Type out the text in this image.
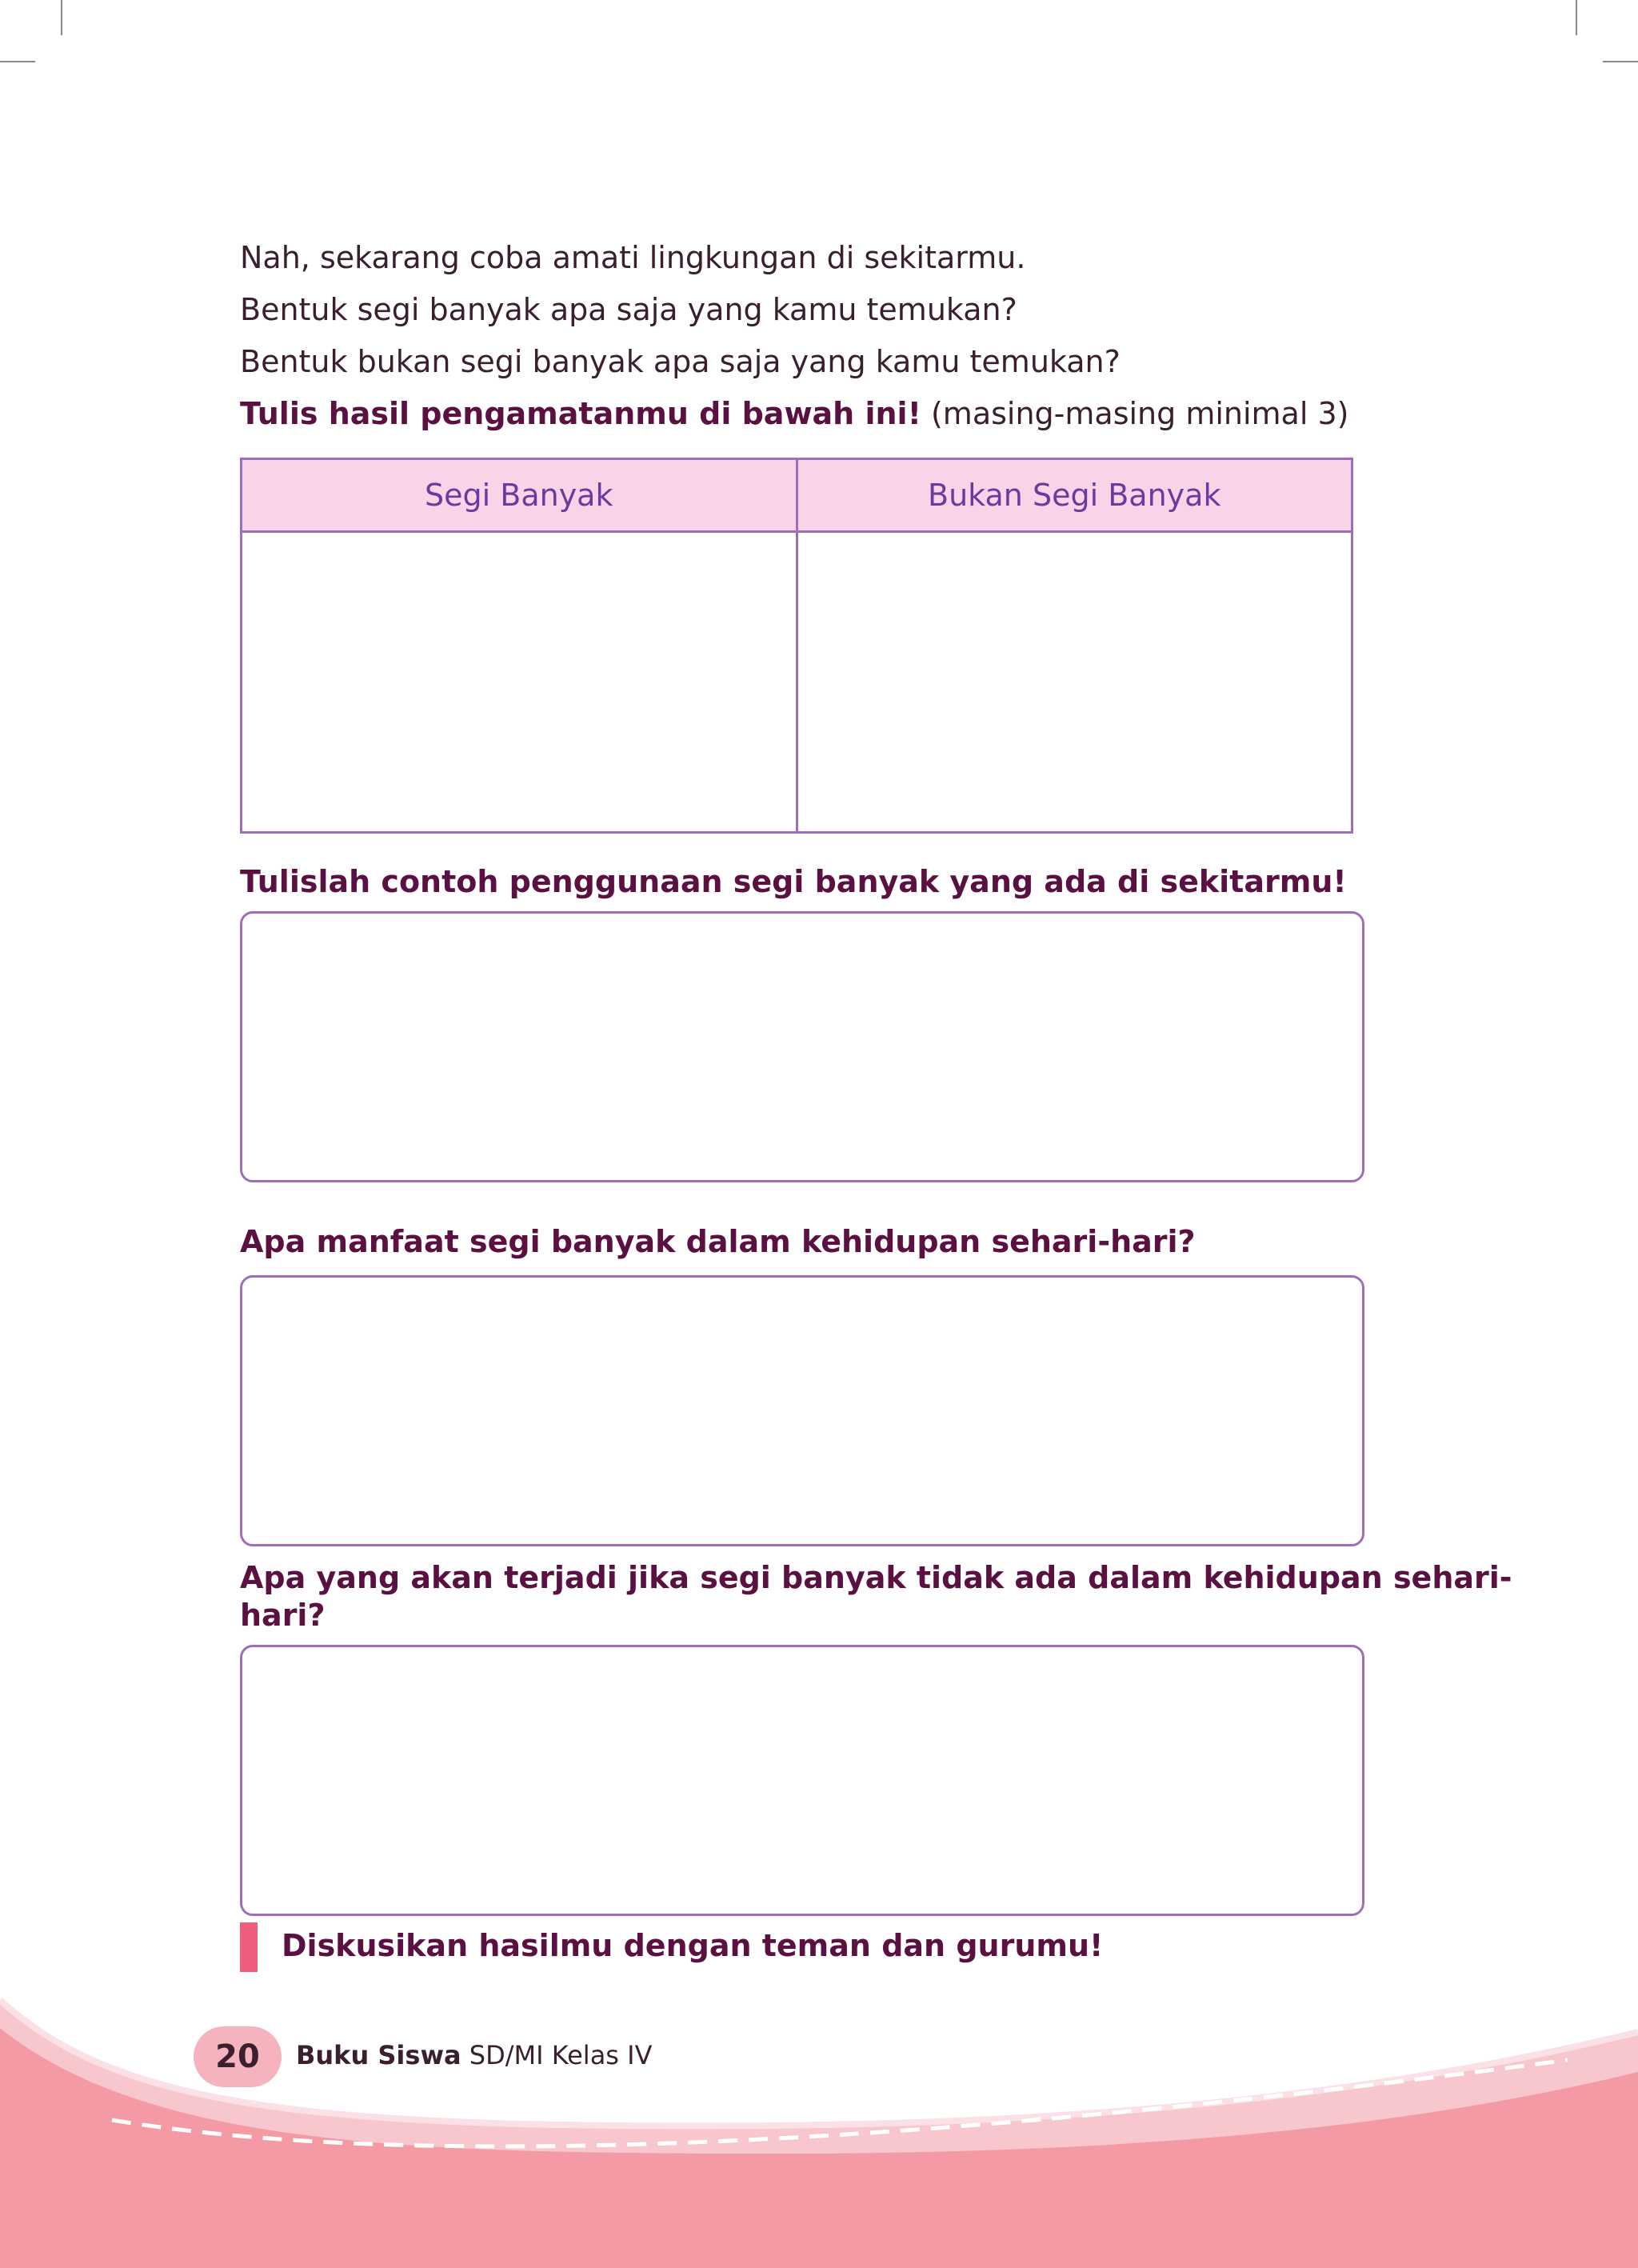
Nah, sekarang coba amati lingkungan di sekitarmu.
Bentuk segi banyak apa saja yang kamu temukan?
Bentuk bukan segi banyak apa saja yang kamu temukan?
Tulis hasil pengamatanmu di bawah ini! (masing-masing minimal 3)
Segi Banyak	Bukan Segi Banyak

Tulislah contoh penggunaan segi banyak yang ada di sekitarmu!
Apa manfaat segi banyak dalam kehidupan sehari-hari?
Apa yang akan terjadi jika segi banyak tidak ada dalam kehidupan sehari-
hari?
Diskusikan hasilmu dengan teman dan gurumu!
20	Buku Siswa SD/MI Kelas IV
